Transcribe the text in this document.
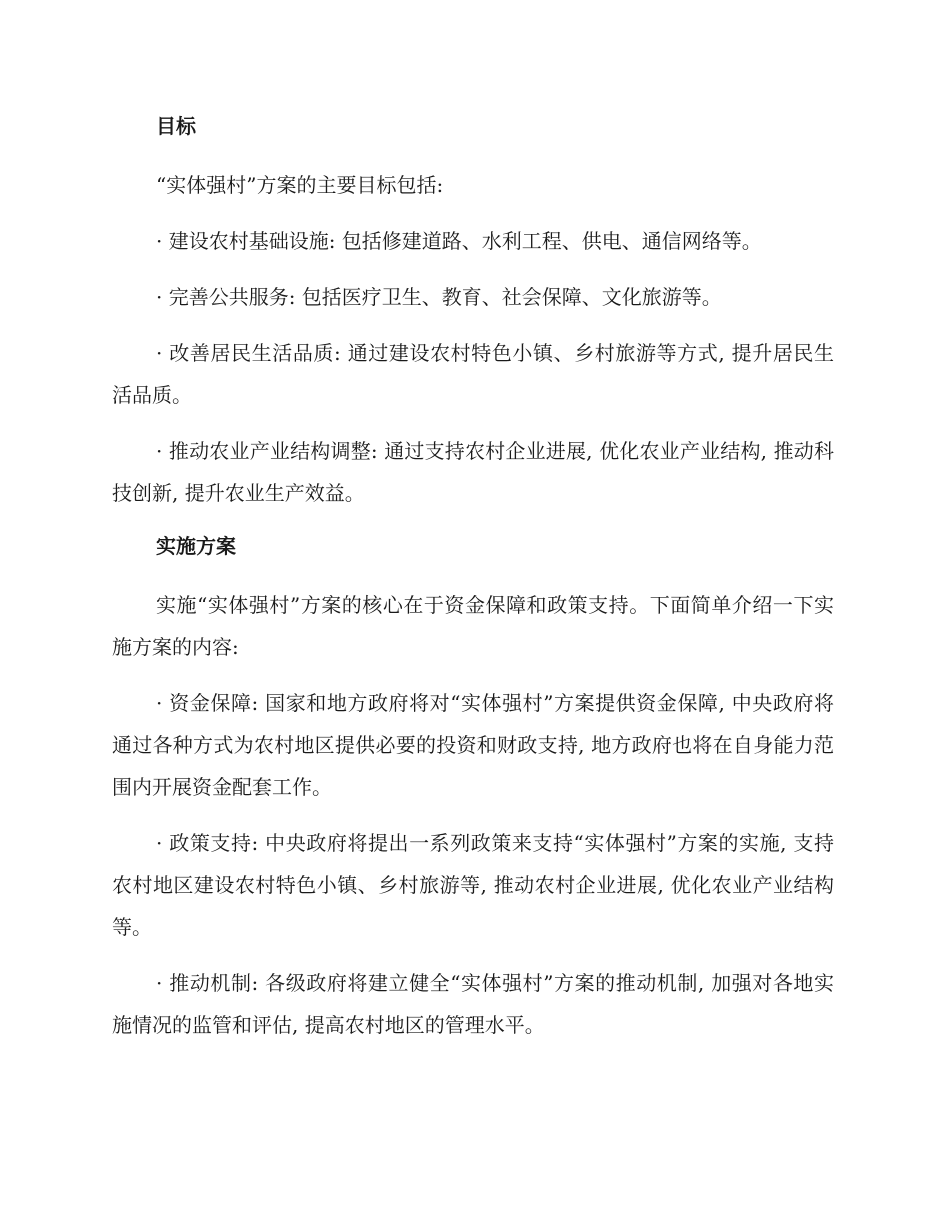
目标

“实体强村”方案的主要目标包括:

· 建设农村基础设施: 包括修建道路、水利工程、供电、通信网络等。

· 完善公共服务: 包括医疗卫生、教育、社会保障、文化旅游等。

· 改善居民生活品质: 通过建设农村特色小镇、乡村旅游等方式, 提升居民生活品质。

· 推动农业产业结构调整: 通过支持农村企业进展, 优化农业产业结构, 推动科技创新, 提升农业生产效益。

实施方案

实施“实体强村”方案的核心在于资金保障和政策支持。下面简单介绍一下实施方案的内容:

· 资金保障: 国家和地方政府将对“实体强村”方案提供资金保障, 中央政府将通过各种方式为农村地区提供必要的投资和财政支持, 地方政府也将在自身能力范围内开展资金配套工作。

· 政策支持: 中央政府将提出一系列政策来支持“实体强村”方案的实施, 支持农村地区建设农村特色小镇、乡村旅游等, 推动农村企业进展, 优化农业产业结构等。

· 推动机制: 各级政府将建立健全“实体强村”方案的推动机制, 加强对各地实施情况的监管和评估, 提高农村地区的管理水平。
